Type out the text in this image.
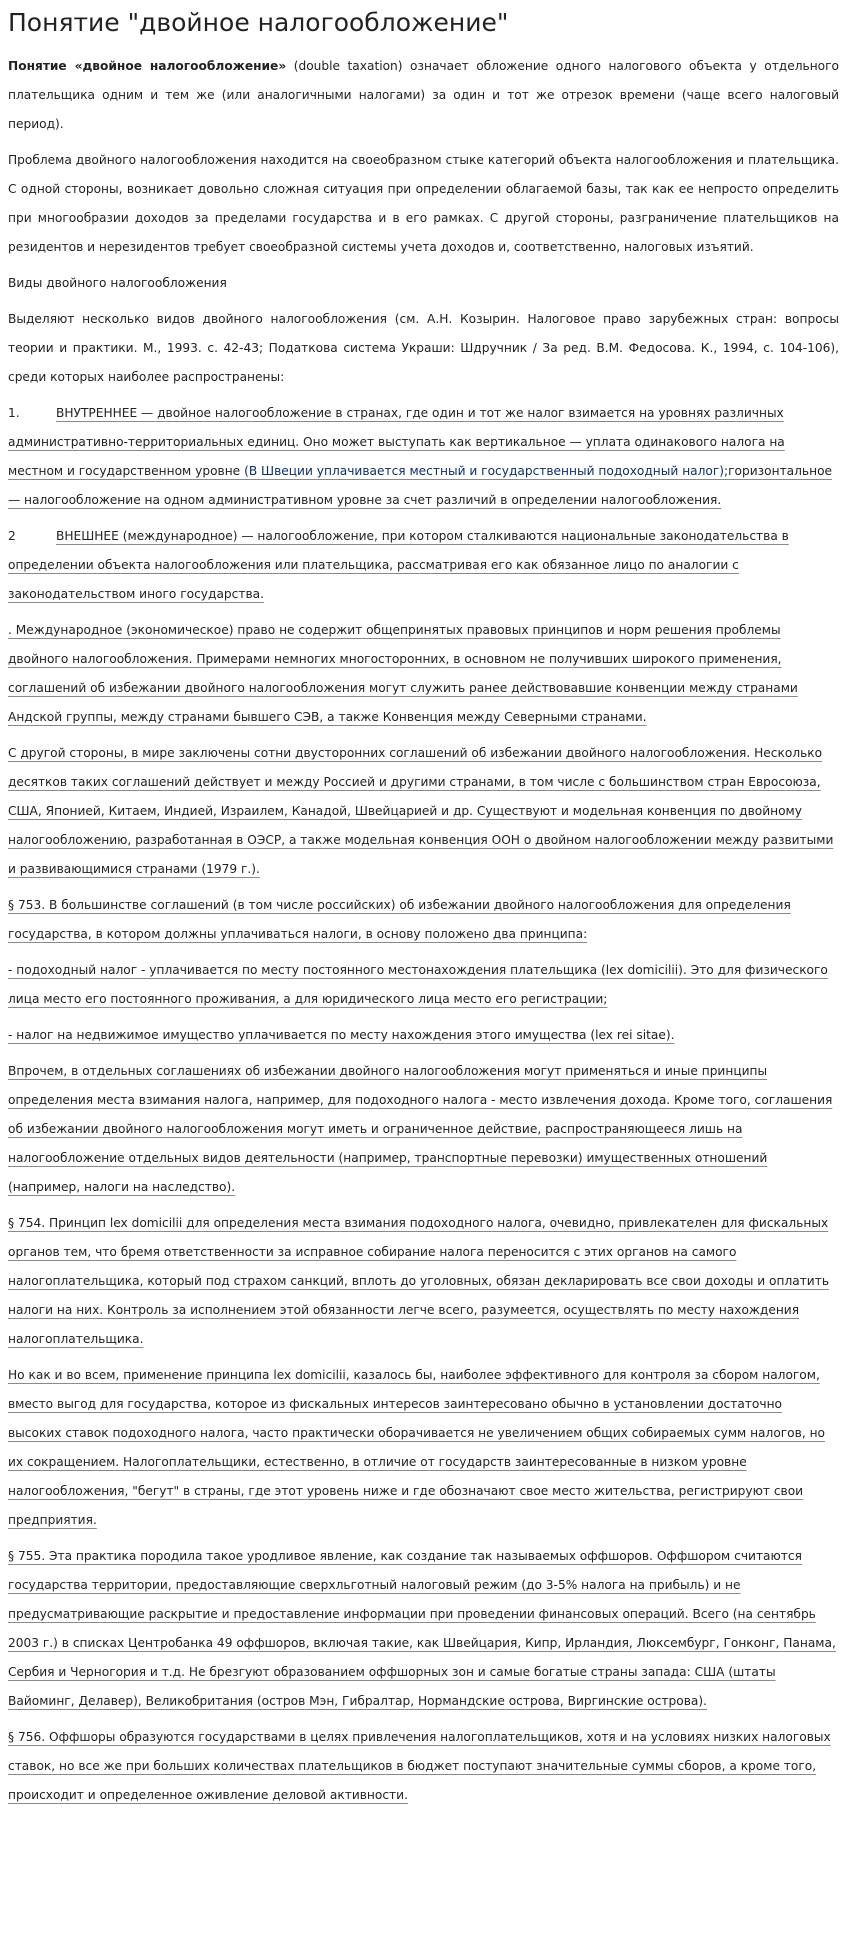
Понятие "двойное налогообложение"

Понятие «двойное налогообложение» (double taxation) означает обложение одного налогового объекта у отдельного плательщика одним и тем же (или аналогичными налогами) за один и тот же отрезок времени (чаще всего налоговый период).

Проблема двойного налогообложения находится на своеобразном стыке категорий объекта налогообложения и плательщика. С одной стороны, возникает довольно сложная ситуация при определении облагаемой базы, так как ее непросто определить при многообразии доходов за пределами государства и в его рамках. С другой стороны, разграничение плательщиков на резидентов и нерезидентов требует своеобразной системы учета доходов и, соответственно, налоговых изъятий.

Виды двойного налогообложения

Выделяют несколько видов двойного налогообложения (см. А.Н. Козырин. Налоговое право зарубежных стран: вопросы теории и практики. М., 1993. с. 42-43; Податкова система Украши: Шдручник / За ред. В.М. Федосова. К., 1994, с. 104-106), среди которых наиболее распространены:

1.	ВНУТРЕННЕЕ — двойное налогообложение в странах, где один и тот же налог взимается на уровнях различных административно-территориальных единиц. Оно может выступать как вертикальное — уплата одинакового налога на местном и государственном уровне (В Швеции уплачивается местный и государственный подоходный налог);горизонтальное — налогообложение на одном административном уровне за счет различий в определении налогообложения.

2	ВНЕШНЕЕ (международное) — налогообложение, при котором сталкиваются национальные законодательства в определении объекта налогообложения или плательщика, рассматривая его как обязанное лицо по аналогии с законодательством иного государства.

. Международное (экономическое) право не содержит общепринятых правовых принципов и норм решения проблемы двойного налогообложения. Примерами немногих многосторонних, в основном не получивших широкого применения, соглашений об избежании двойного налогообложения могут служить ранее действовавшие конвенции между странами Андской группы, между странами бывшего СЭВ, а также Конвенция между Северными странами.

С другой стороны, в мире заключены сотни двусторонних соглашений об избежании двойного налогообложения. Несколько десятков таких соглашений действует и между Россией и другими странами, в том числе с большинством стран Евросоюза, США, Японией, Китаем, Индией, Израилем, Канадой, Швейцарией и др. Существуют и модельная конвенция по двойному налогообложению, разработанная в ОЭСР, а также модельная конвенция ООН о двойном налогообложении между развитыми и развивающимися странами (1979 г.).

§ 753. В большинстве соглашений (в том числе российских) об избежании двойного налогообложения для определения государства, в котором должны уплачиваться налоги, в основу положено два принципа:

- подоходный налог - уплачивается по месту постоянного местонахождения плательщика (lex domicilii). Это для физического лица место его постоянного проживания, а для юридического лица место его регистрации;

- налог на недвижимое имущество уплачивается по месту нахождения этого имущества (lex rei sitae).

Впрочем, в отдельных соглашениях об избежании двойного налогообложения могут применяться и иные принципы определения места взимания налога, например, для подоходного налога - место извлечения дохода. Кроме того, соглашения об избежании двойного налогообложения могут иметь и ограниченное действие, распространяющееся лишь на налогообложение отдельных видов деятельности (например, транспортные перевозки) имущественных отношений (например, налоги на наследство).

§ 754. Принцип lex domicilii для определения места взимания подоходного налога, очевидно, привлекателен для фискальных органов тем, что бремя ответственности за исправное собирание налога переносится с этих органов на самого налогоплательщика, который под страхом санкций, вплоть до уголовных, обязан декларировать все свои доходы и оплатить налоги на них. Контроль за исполнением этой обязанности легче всего, разумеется, осуществлять по месту нахождения налогоплательщика.

Но как и во всем, применение принципа lex domicilii, казалось бы, наиболее эффективного для контроля за сбором налогом, вместо выгод для государства, которое из фискальных интересов заинтересовано обычно в установлении достаточно высоких ставок подоходного налога, часто практически оборачивается не увеличением общих собираемых сумм налогов, но их сокращением. Налогоплательщики, естественно, в отличие от государств заинтересованные в низком уровне налогообложения, "бегут" в страны, где этот уровень ниже и где обозначают свое место жительства, регистрируют свои предприятия.

§ 755. Эта практика породила такое уродливое явление, как создание так называемых оффшоров. Оффшором считаются государства территории, предоставляющие сверхльготный налоговый режим (до 3-5% налога на прибыль) и не предусматривающие раскрытие и предоставление информации при проведении финансовых операций. Всего (на сентябрь 2003 г.) в списках Центробанка 49 оффшоров, включая такие, как Швейцария, Кипр, Ирландия, Люксембург, Гонконг, Панама, Сербия и Черногория и т.д. Не брезгуют образованием оффшорных зон и самые богатые страны запада: США (штаты Вайоминг, Делавер), Великобритания (остров Мэн, Гибралтар, Нормандские острова, Виргинские острова).

§ 756. Оффшоры образуются государствами в целях привлечения налогоплательщиков, хотя и на условиях низких налоговых ставок, но все же при больших количествах плательщиков в бюджет поступают значительные суммы сборов, а кроме того, происходит и определенное оживление деловой активности.
